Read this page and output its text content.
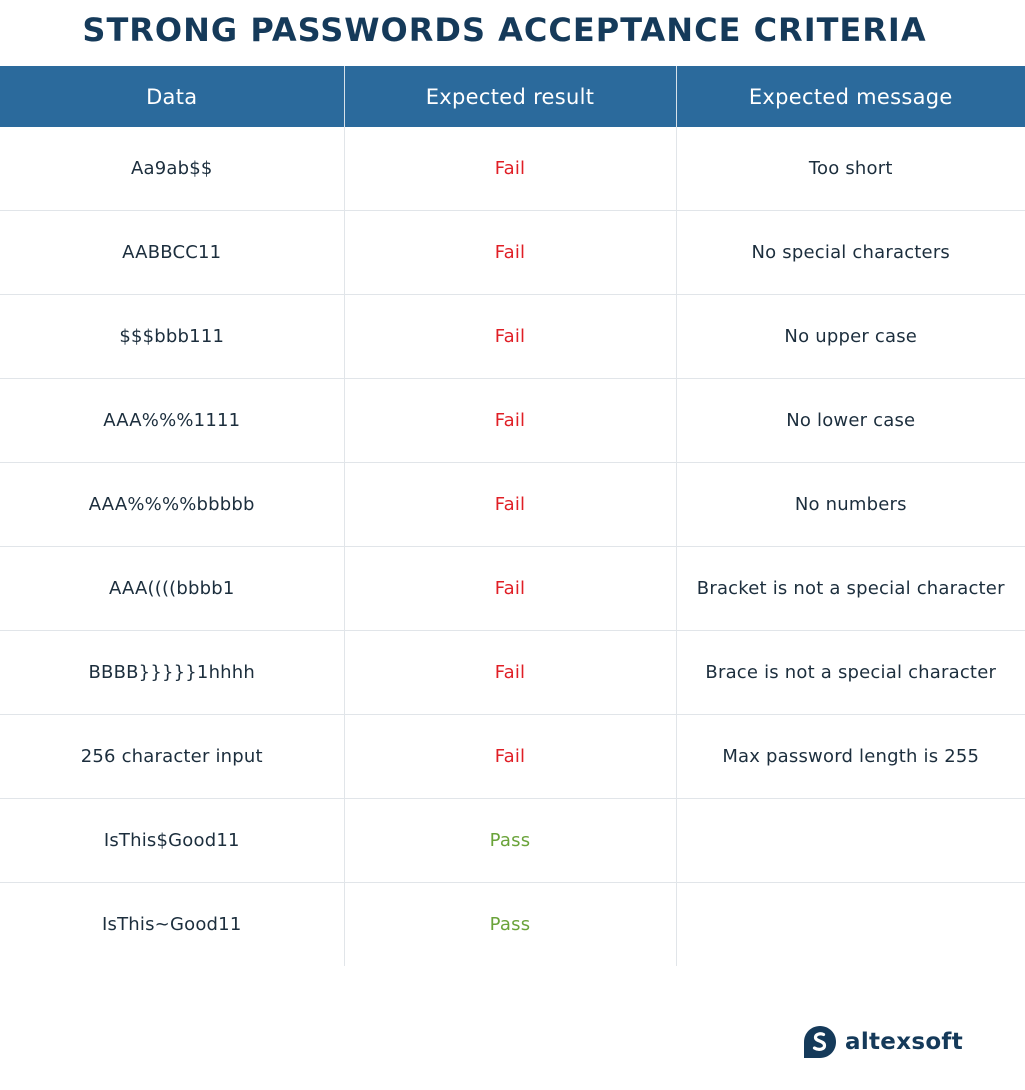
STRONG PASSWORDS ACCEPTANCE CRITERIA
Data	Expected result	Expected message
Aa9ab$$	Fail	Too short
AABBCC11	Fail	No special characters
$$$bbb111	Fail	No upper case
AAA%%%1111	Fail	No lower case
AAA%%%%bbbbb	Fail	No numbers
AAA((((bbbb1	Fail	Bracket is not a special character
BBBB}}}}}1hhhh	Fail	Brace is not a special character
256 character input	Fail	Max password length is 255
IsThis$Good11	Pass	
IsThis~Good11	Pass	
altexsoft
